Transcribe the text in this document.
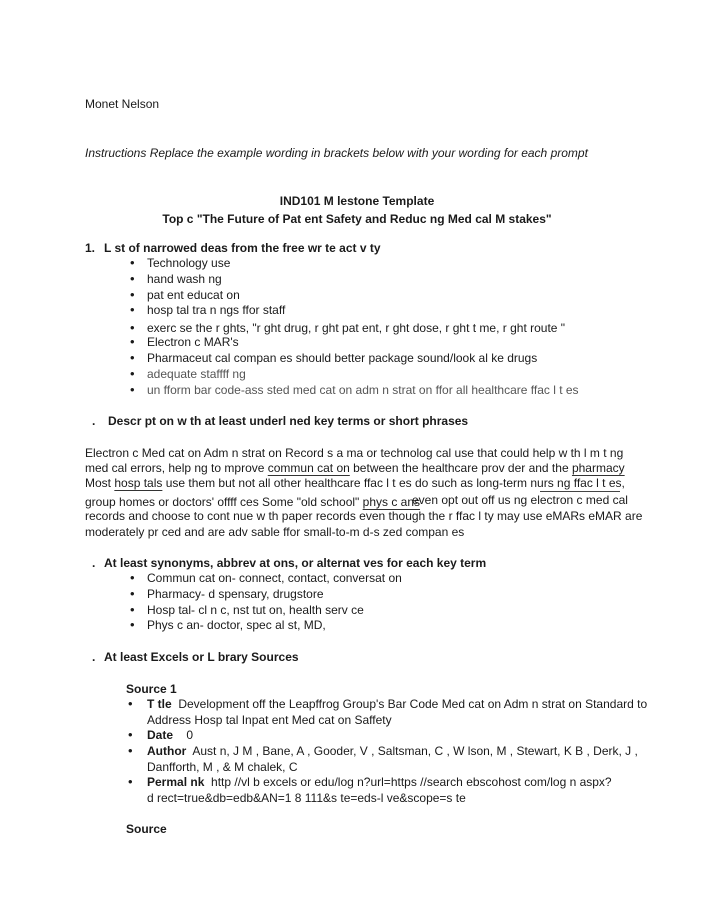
Monet Nelson
Instructions Replace the example wording in brackets below with your wording for each prompt
IND101 M lestone Template
Top c "The Future of Pat ent Safety and Reduc ng Med cal M stakes"
1. L st of narrowed deas from the free wr te act v ty
• Technology use
• hand wash ng
• pat ent educat on
• hosp tal tra n ngs ffor staff
• exerc se the r ghts, "r ght drug, r ght pat ent, r ght dose, r ght t me, r ght route "
• Electron c MAR's
• Pharmaceut cal compan es should better package sound/look al ke drugs
• adequate staffff ng
• un fform bar code-ass sted med cat on adm n strat on ffor all healthcare ffac l t es
. Descr pt on w th at least underl ned key terms or short phrases
Electron c Med cat on Adm n strat on Record s a ma or technolog cal use that could help w th l m t ng
med cal errors, help ng to mprove commun cat on between the healthcare prov der and the pharmacy
Most hosp tals use them but not all other healthcare ffac l t es do such as long-term nurs ng ffac l t es,
group homes or doctors' offff ces Some "old school" phys c ans
even opt out off us ng electron c med cal
records and choose to cont nue w th paper records even though the r ffac l ty may use eMARs eMAR are
moderately pr ced and are adv sable ffor small-to-m d-s zed compan es
. At least synonyms, abbrev at ons, or alternat ves for each key term
• Commun cat on- connect, contact, conversat on
• Pharmacy- d spensary, drugstore
• Hosp tal- cl n c, nst tut on, health serv ce
• Phys c an- doctor, spec al st, MD,
. At least Excels or L brary Sources
Source 1
• T tle Development off the Leapffrog Group's Bar Code Med cat on Adm n strat on Standard to
Address Hosp tal Inpat ent Med cat on Saffety
• Date 0
• Author Aust n, J M , Bane, A , Gooder, V , Saltsman, C , W lson, M , Stewart, K B , Derk, J ,
Danfforth, M , & M chalek, C
• Permal nk http //vl b excels or edu/log n?url=https //search ebscohost com/log n aspx?
d rect=true&db=edb&AN=1 8 111&s te=eds-l ve&scope=s te
Source
